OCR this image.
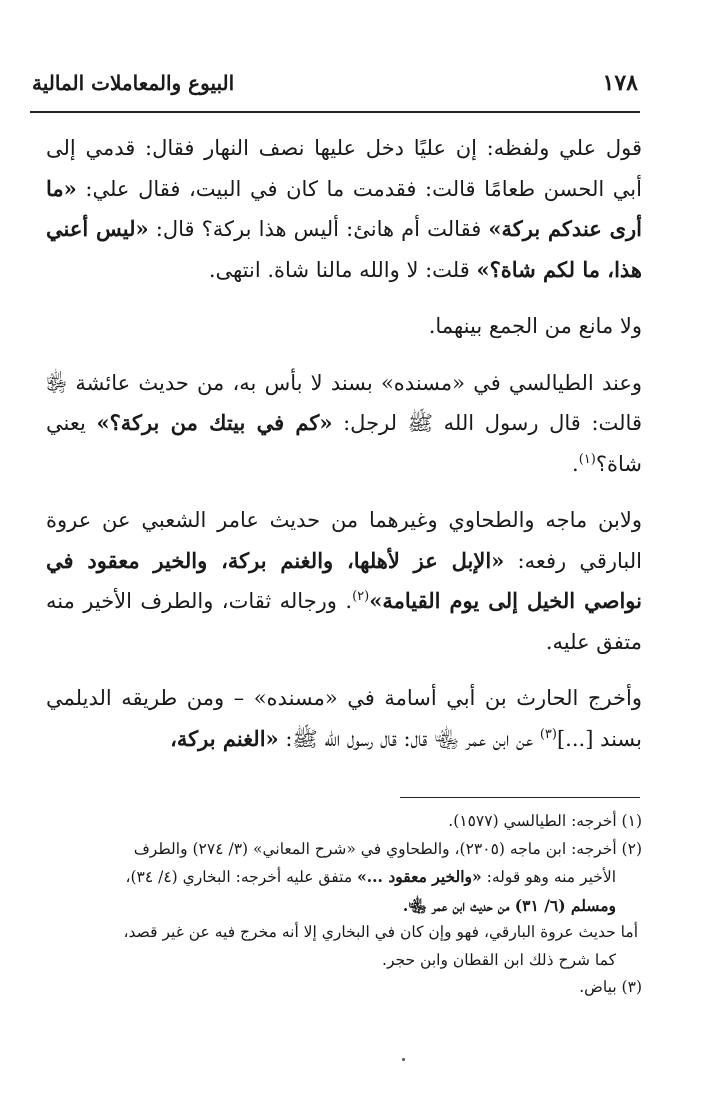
١٧٨
البيوع والمعاملات المالية

قول علي ولفظه: إن عليًا دخل عليها نصف النهار فقال: قدمي إلى أبي الحسن طعامًا قالت: فقدمت ما كان في البيت، فقال علي: «ما أرى عندكم بركة» فقالت أم هانئ: أليس هذا بركة؟ قال: «ليس أعني هذا، ما لكم شاة؟» قلت: لا والله مالنا شاة. انتهى.

ولا مانع من الجمع بينهما.

وعند الطيالسي في «مسنده» بسند لا بأس به، من حديث عائشة ﵂ قالت: قال رسول الله ﷺ لرجل: «كم في بيتك من بركة؟» يعني شاة؟$^{(١)}$.

ولابن ماجه والطحاوي وغيرهما من حديث عامر الشعبي عن عروة البارقي رفعه: «الإبل عز لأهلها، والغنم بركة، والخير معقود في نواصي الخيل إلى يوم القيامة»$^{(٢)}$. ورجاله ثقات، والطرف الأخير منه متفق عليه.

وأخرج الحارث بن أبي أسامة في «مسنده» – ومن طريقه الديلمي بسند [...]$^{(٣)}$ عن ابن عمر ﵄ قال: قال رسول الله ﷺ: «الغنم بركة،

(١) أخرجه: الطيالسي (١٥٧٧).

(٢) أخرجه: ابن ماجه (٢٣٠٥)، والطحاوي في «شرح المعاني» (٣/ ٢٧٤) والطرف

الأخير منه وهو قوله: «والخير معقود ...» متفق عليه أخرجه: البخاري (٤/ ٣٤)،

ومسلم (٦/ ٣١) من حديث ابن عمر ﵄.

أما حديث عروة البارقي، فهو وإن كان في البخاري إلا أنه مخرج فيه عن غير قصد،

كما شرح ذلك ابن القطان وابن حجر.

(٣) بياض.
